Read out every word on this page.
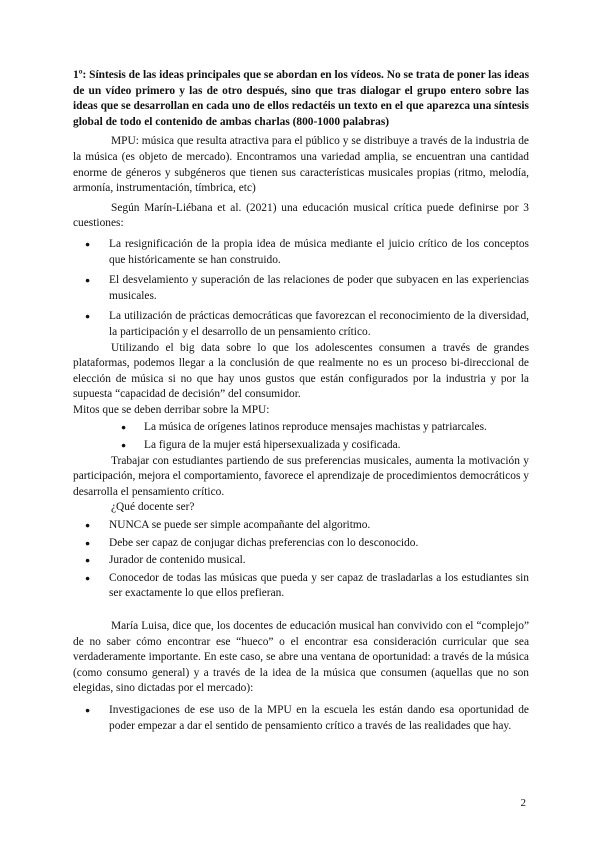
1º: Síntesis de las ideas principales que se abordan en los vídeos. No se trata de poner las ideas de un vídeo primero y las de otro después, sino que tras dialogar el grupo entero sobre las ideas que se desarrollan en cada uno de ellos redactéis un texto en el que aparezca una síntesis global de todo el contenido de ambas charlas (800-1000 palabras)

MPU: música que resulta atractiva para el público y se distribuye a través de la industria de la música (es objeto de mercado). Encontramos una variedad amplia, se encuentran una cantidad enorme de géneros y subgéneros que tienen sus características musicales propias (ritmo, melodía, armonía, instrumentación, tímbrica, etc)

Según Marín-Liébana et al. (2021) una educación musical crítica puede definirse por 3 cuestiones:

● La resignificación de la propia idea de música mediante el juicio crítico de los conceptos que históricamente se han construido.
● El desvelamiento y superación de las relaciones de poder que subyacen en las experiencias musicales.
● La utilización de prácticas democráticas que favorezcan el reconocimiento de la diversidad, la participación y el desarrollo de un pensamiento crítico.

Utilizando el big data sobre lo que los adolescentes consumen a través de grandes plataformas, podemos llegar a la conclusión de que realmente no es un proceso bi-direccional de elección de música si no que hay unos gustos que están configurados por la industria y por la supuesta “capacidad de decisión” del consumidor.

Mitos que se deben derribar sobre la MPU:

● La música de orígenes latinos reproduce mensajes machistas y patriarcales.
● La figura de la mujer está hipersexualizada y cosificada.

Trabajar con estudiantes partiendo de sus preferencias musicales, aumenta la motivación y participación, mejora el comportamiento, favorece el aprendizaje de procedimientos democráticos y desarrolla el pensamiento crítico.

¿Qué docente ser?

● NUNCA se puede ser simple acompañante del algoritmo.
● Debe ser capaz de conjugar dichas preferencias con lo desconocido.
● Jurador de contenido musical.
● Conocedor de todas las músicas que pueda y ser capaz de trasladarlas a los estudiantes sin ser exactamente lo que ellos prefieran.

María Luisa, dice que, los docentes de educación musical han convivido con el “complejo” de no saber cómo encontrar ese “hueco” o el encontrar esa consideración curricular que sea verdaderamente importante. En este caso, se abre una ventana de oportunidad: a través de la música (como consumo general) y a través de la idea de la música que consumen (aquellas que no son elegidas, sino dictadas por el mercado):

● Investigaciones de ese uso de la MPU en la escuela les están dando esa oportunidad de poder empezar a dar el sentido de pensamiento crítico a través de las realidades que hay.
2
